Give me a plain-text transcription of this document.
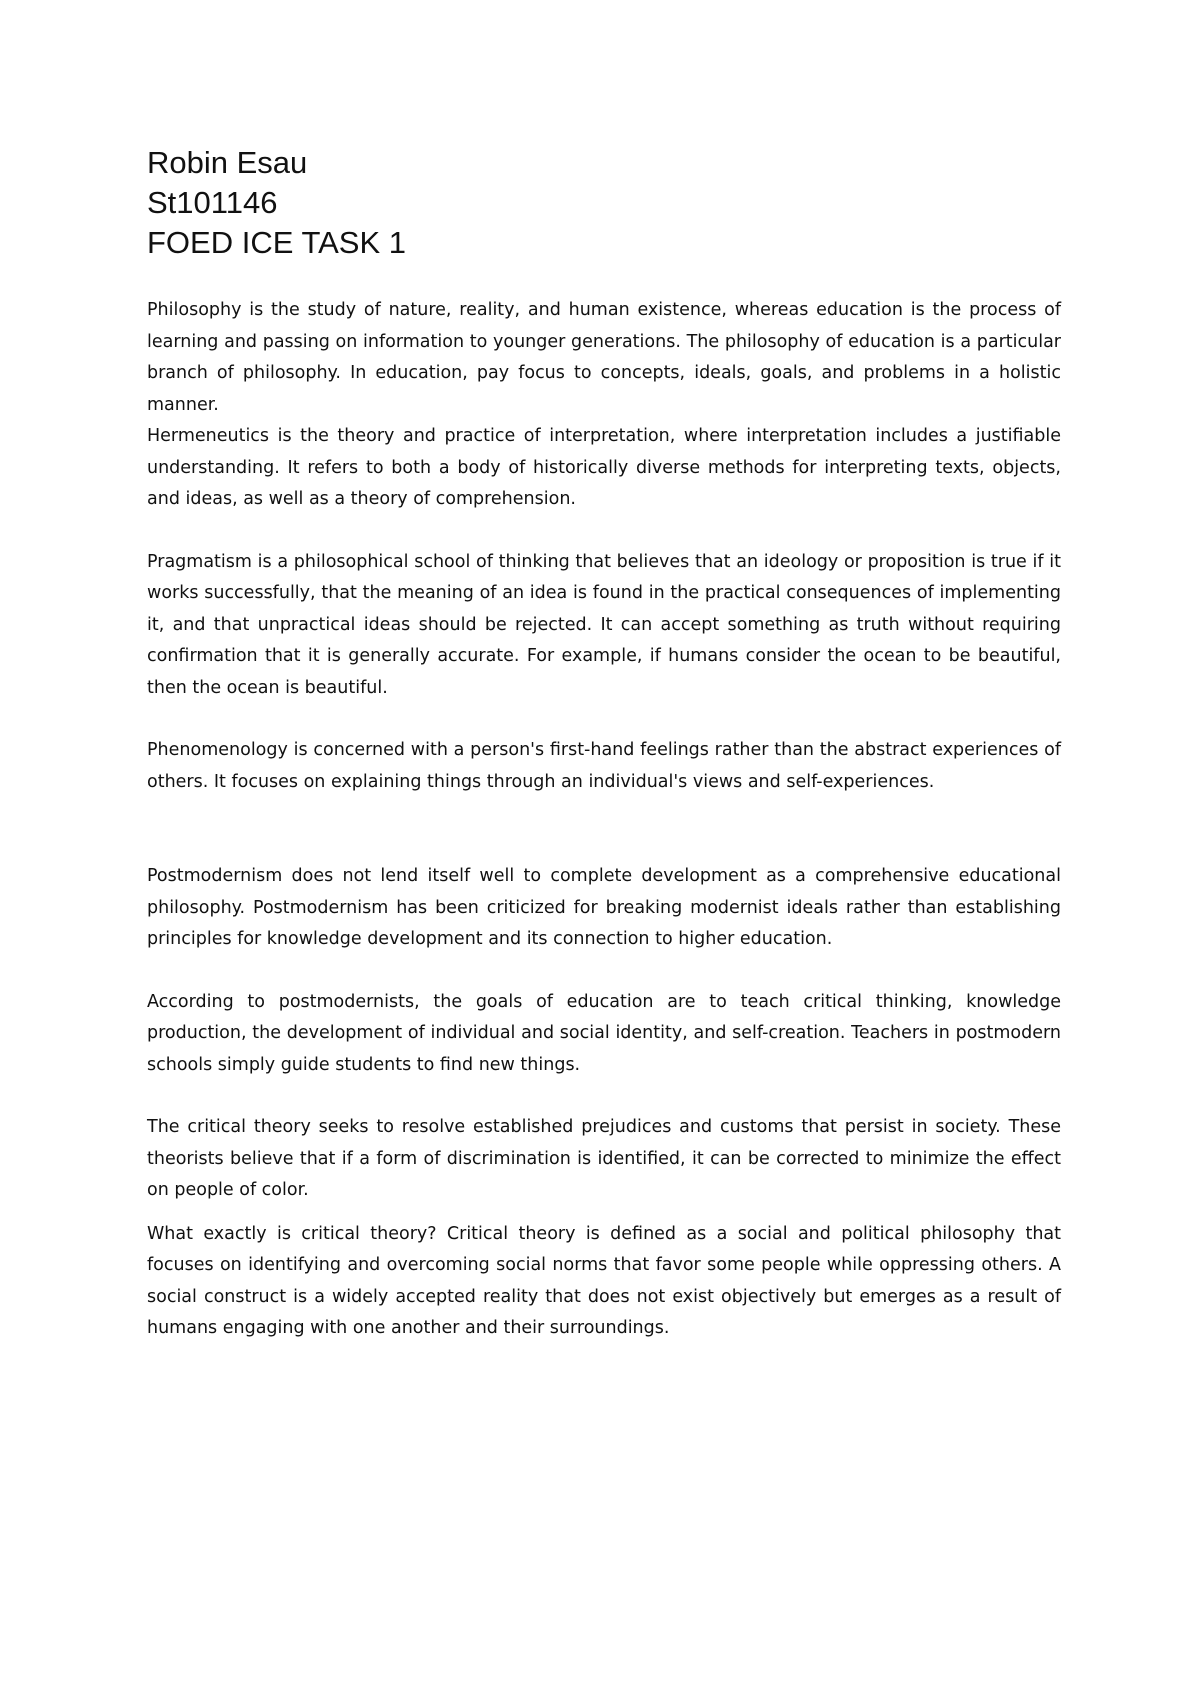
Robin Esau
St101146
FOED ICE TASK 1

Philosophy is the study of nature, reality, and human existence, whereas education is the process of learning and passing on information to younger generations. The philosophy of education is a particular branch of philosophy. In education, pay focus to concepts, ideals, goals, and problems in a holistic manner.

Hermeneutics is the theory and practice of interpretation, where interpretation includes a justifiable understanding. It refers to both a body of historically diverse methods for interpreting texts, objects, and ideas, as well as a theory of comprehension.

Pragmatism is a philosophical school of thinking that believes that an ideology or proposition is true if it works successfully, that the meaning of an idea is found in the practical consequences of implementing it, and that unpractical ideas should be rejected. It can accept something as truth without requiring confirmation that it is generally accurate. For example, if humans consider the ocean to be beautiful, then the ocean is beautiful.

Phenomenology is concerned with a person's first-hand feelings rather than the abstract experiences of others. It focuses on explaining things through an individual's views and self-experiences.

Postmodernism does not lend itself well to complete development as a comprehensive educational philosophy. Postmodernism has been criticized for breaking modernist ideals rather than establishing principles for knowledge development and its connection to higher education.

According to postmodernists, the goals of education are to teach critical thinking, knowledge production, the development of individual and social identity, and self-creation. Teachers in postmodern schools simply guide students to find new things.

The critical theory seeks to resolve established prejudices and customs that persist in society. These theorists believe that if a form of discrimination is identified, it can be corrected to minimize the effect on people of color.

What exactly is critical theory? Critical theory is defined as a social and political philosophy that focuses on identifying and overcoming social norms that favor some people while oppressing others. A social construct is a widely accepted reality that does not exist objectively but emerges as a result of humans engaging with one another and their surroundings.
